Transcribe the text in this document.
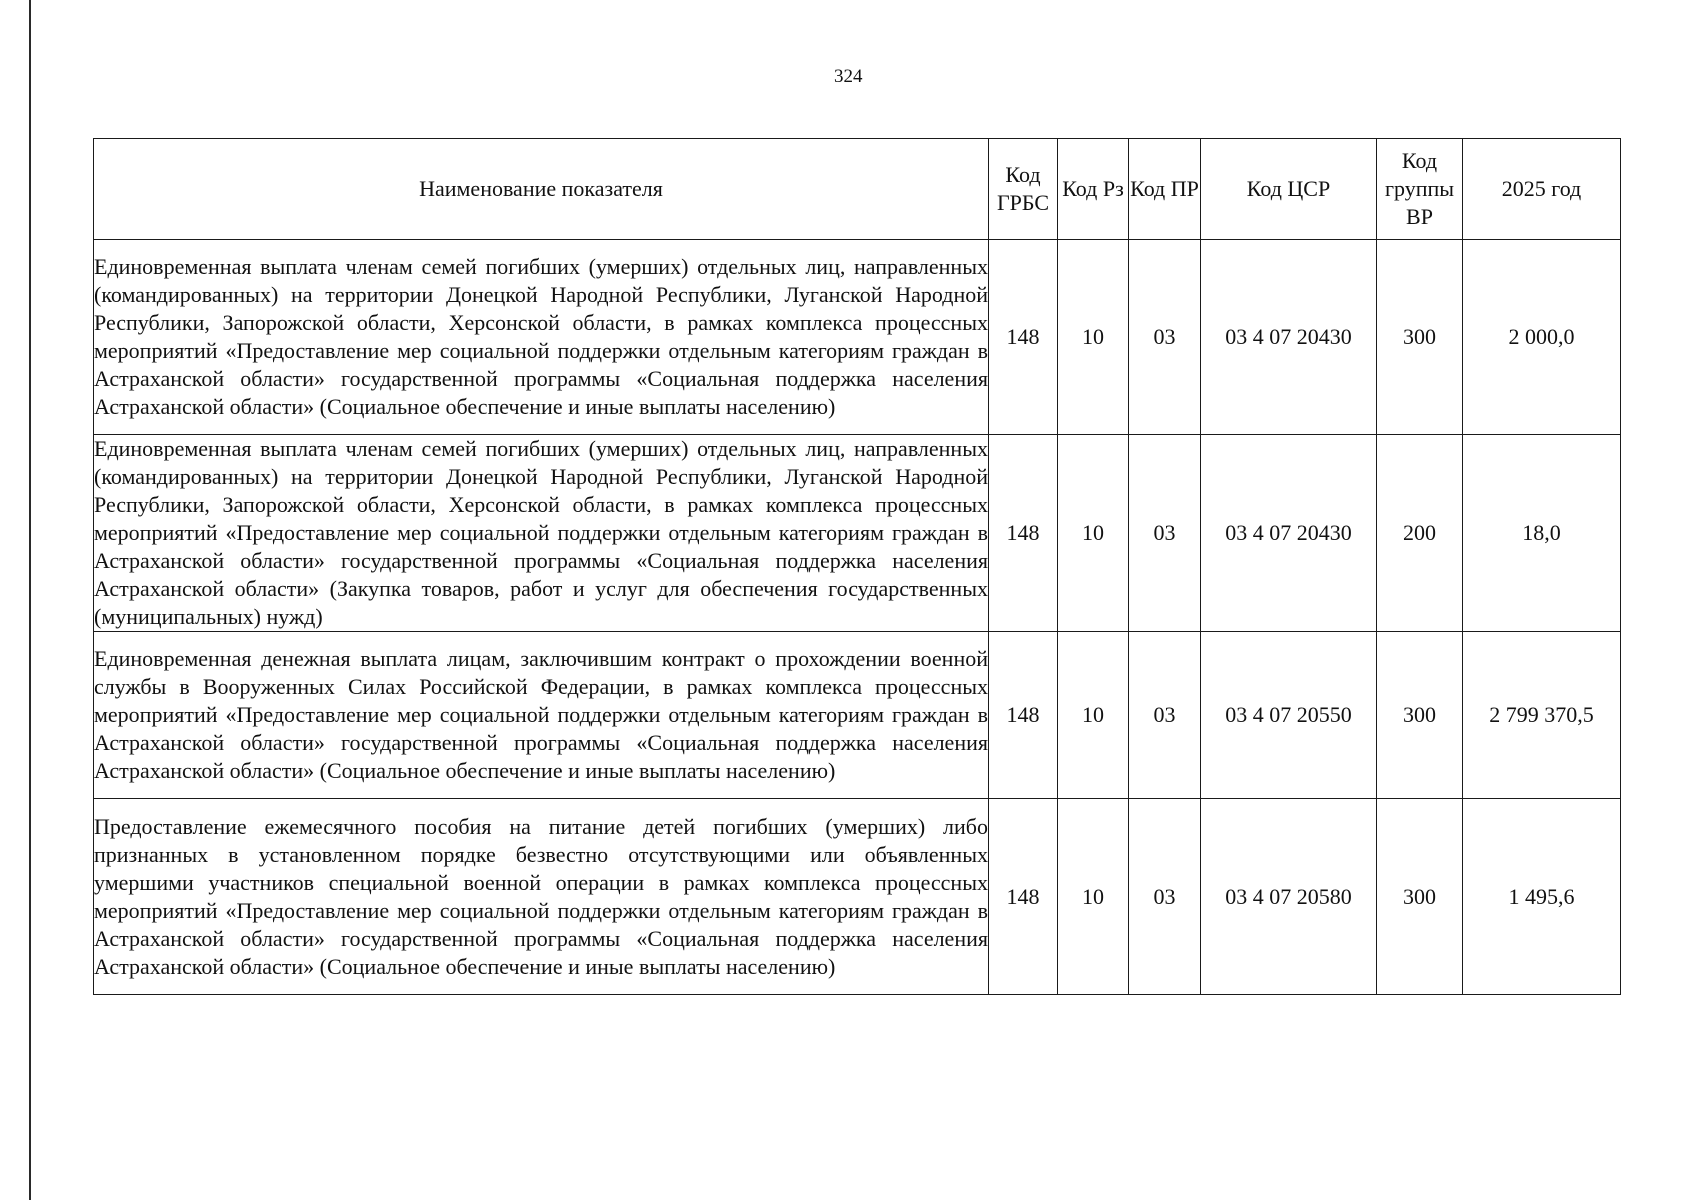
324
Наименование показателя	Код ГРБС	Код Рз	Код ПР	Код ЦСР	Код группы ВР	2025 год
Единовременная выплата членам семей погибших (умерших) отдельных лиц, направленных (командированных) на территории Донецкой Народной Республики, Луганской Народной Республики, Запорожской области, Херсонской области, в рамках комплекса процессных мероприятий «Предоставление мер социальной поддержки отдельным категориям граждан в Астраханской области» государственной программы «Социальная поддержка населения Астраханской области» (Социальное обеспечение и иные выплаты населению)	148	10	03	03 4 07 20430	300	2 000,0
Единовременная выплата членам семей погибших (умерших) отдельных лиц, направленных (командированных) на территории Донецкой Народной Республики, Луганской Народной Республики, Запорожской области, Херсонской области, в рамках комплекса процессных мероприятий «Предоставление мер социальной поддержки отдельным категориям граждан в Астраханской области» государственной программы «Социальная поддержка населения Астраханской области» (Закупка товаров, работ и услуг для обеспечения государственных (муниципальных) нужд)	148	10	03	03 4 07 20430	200	18,0
Единовременная денежная выплата лицам, заключившим контракт о прохождении военной службы в Вооруженных Силах Российской Федерации, в рамках комплекса процессных мероприятий «Предоставление мер социальной поддержки отдельным категориям граждан в Астраханской области» государственной программы «Социальная поддержка населения Астраханской области» (Социальное обеспечение и иные выплаты населению)	148	10	03	03 4 07 20550	300	2 799 370,5
Предоставление ежемесячного пособия на питание детей погибших (умерших) либо признанных в установленном порядке безвестно отсутствующими или объявленных умершими участников специальной военной операции в рамках комплекса процессных мероприятий «Предоставление мер социальной поддержки отдельным категориям граждан в Астраханской области» государственной программы «Социальная поддержка населения Астраханской области» (Социальное обеспечение и иные выплаты населению)	148	10	03	03 4 07 20580	300	1 495,6
